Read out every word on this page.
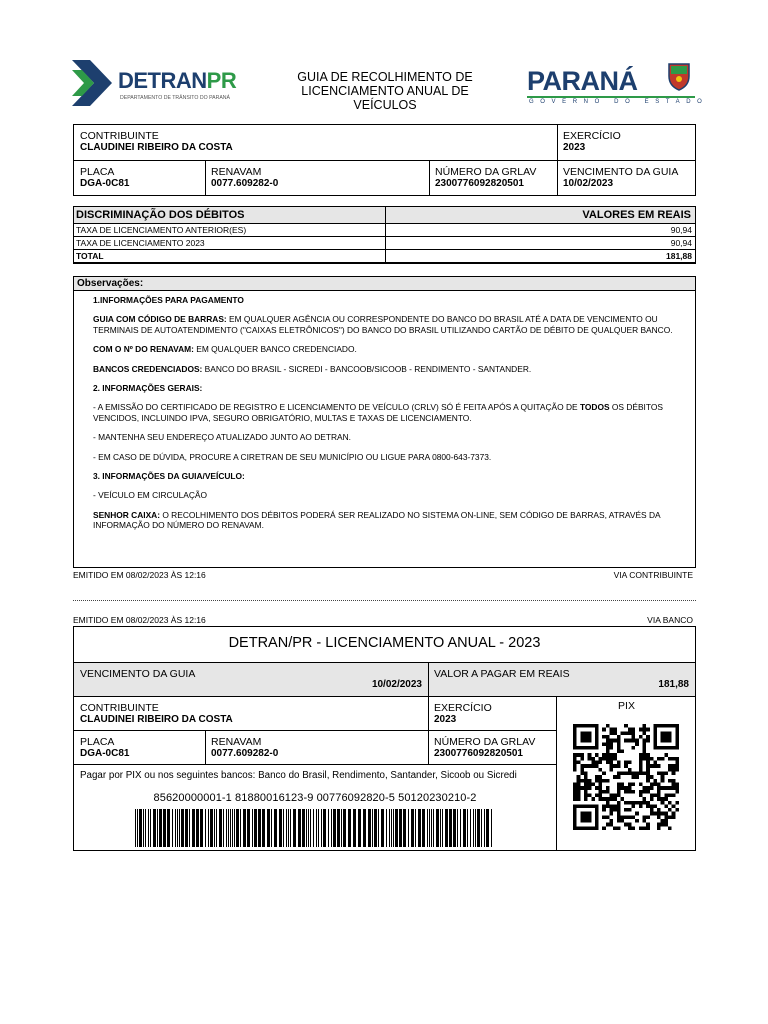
DETRANPR
DEPARTAMENTO DE TRÂNSITO DO PARANÁ
GUIA DE RECOLHIMENTO DE
LICENCIAMENTO ANUAL DE
VEÍCULOS
PARANÁ
GOVERNO DO ESTADO
CONTRIBUINTE
CLAUDINEI RIBEIRO DA COSTA
EXERCÍCIO
2023
PLACA
DGA-0C81
RENAVAM
0077.609282-0
NÚMERO DA GRLAV
2300776092820501
VENCIMENTO DA GUIA
10/02/2023
DISCRIMINAÇÃO DOS DÉBITOS	VALORES EM REAIS
TAXA DE LICENCIAMENTO ANTERIOR(ES)	90,94
TAXA DE LICENCIAMENTO 2023	90,94
TOTAL	181,88
Observações:

1.INFORMAÇÕES PARA PAGAMENTO

GUIA COM CÓDIGO DE BARRAS: EM QUALQUER AGÊNCIA OU CORRESPONDENTE DO BANCO DO BRASIL ATÉ A DATA DE VENCIMENTO OU TERMINAIS DE AUTOATENDIMENTO ("CAIXAS ELETRÔNICOS") DO BANCO DO BRASIL UTILIZANDO CARTÃO DE DÉBITO DE QUALQUER BANCO.

COM O Nº DO RENAVAM: EM QUALQUER BANCO CREDENCIADO.

BANCOS CREDENCIADOS: BANCO DO BRASIL - SICREDI - BANCOOB/SICOOB - RENDIMENTO - SANTANDER.

2. INFORMAÇÕES GERAIS:

- A EMISSÃO DO CERTIFICADO DE REGISTRO E LICENCIAMENTO DE VEÍCULO (CRLV) SÓ É FEITA APÓS A QUITAÇÃO DE TODOS OS DÉBITOS VENCIDOS, INCLUINDO IPVA, SEGURO OBRIGATÓRIO, MULTAS E TAXAS DE LICENCIAMENTO.

- MANTENHA SEU ENDEREÇO ATUALIZADO JUNTO AO DETRAN.

- EM CASO DE DÚVIDA, PROCURE A CIRETRAN DE SEU MUNICÍPIO OU LIGUE PARA 0800-643-7373.

3. INFORMAÇÕES DA GUIA/VEÍCULO:

- VEÍCULO EM CIRCULAÇÃO

SENHOR CAIXA: O RECOLHIMENTO DOS DÉBITOS PODERÁ SER REALIZADO NO SISTEMA ON-LINE, SEM CÓDIGO DE BARRAS, ATRAVÉS DA INFORMAÇÃO DO NÚMERO DO RENAVAM.

EMITIDO EM 08/02/2023 ÀS 12:16	VIA CONTRIBUINTE
EMITIDO EM 08/02/2023 ÀS 12:16	VIA BANCO
DETRAN/PR - LICENCIAMENTO ANUAL - 2023
VENCIMENTO DA GUIA
10/02/2023
VALOR A PAGAR EM REAIS
181,88
CONTRIBUINTE
CLAUDINEI RIBEIRO DA COSTA
EXERCÍCIO
2023
PLACA
DGA-0C81
RENAVAM
0077.609282-0
NÚMERO DA GRLAV
2300776092820501
PIX
Pagar por PIX ou nos seguintes bancos: Banco do Brasil, Rendimento, Santander, Sicoob ou Sicredi
85620000001-1 81880016123-9 00776092820-5 50120230210-2
